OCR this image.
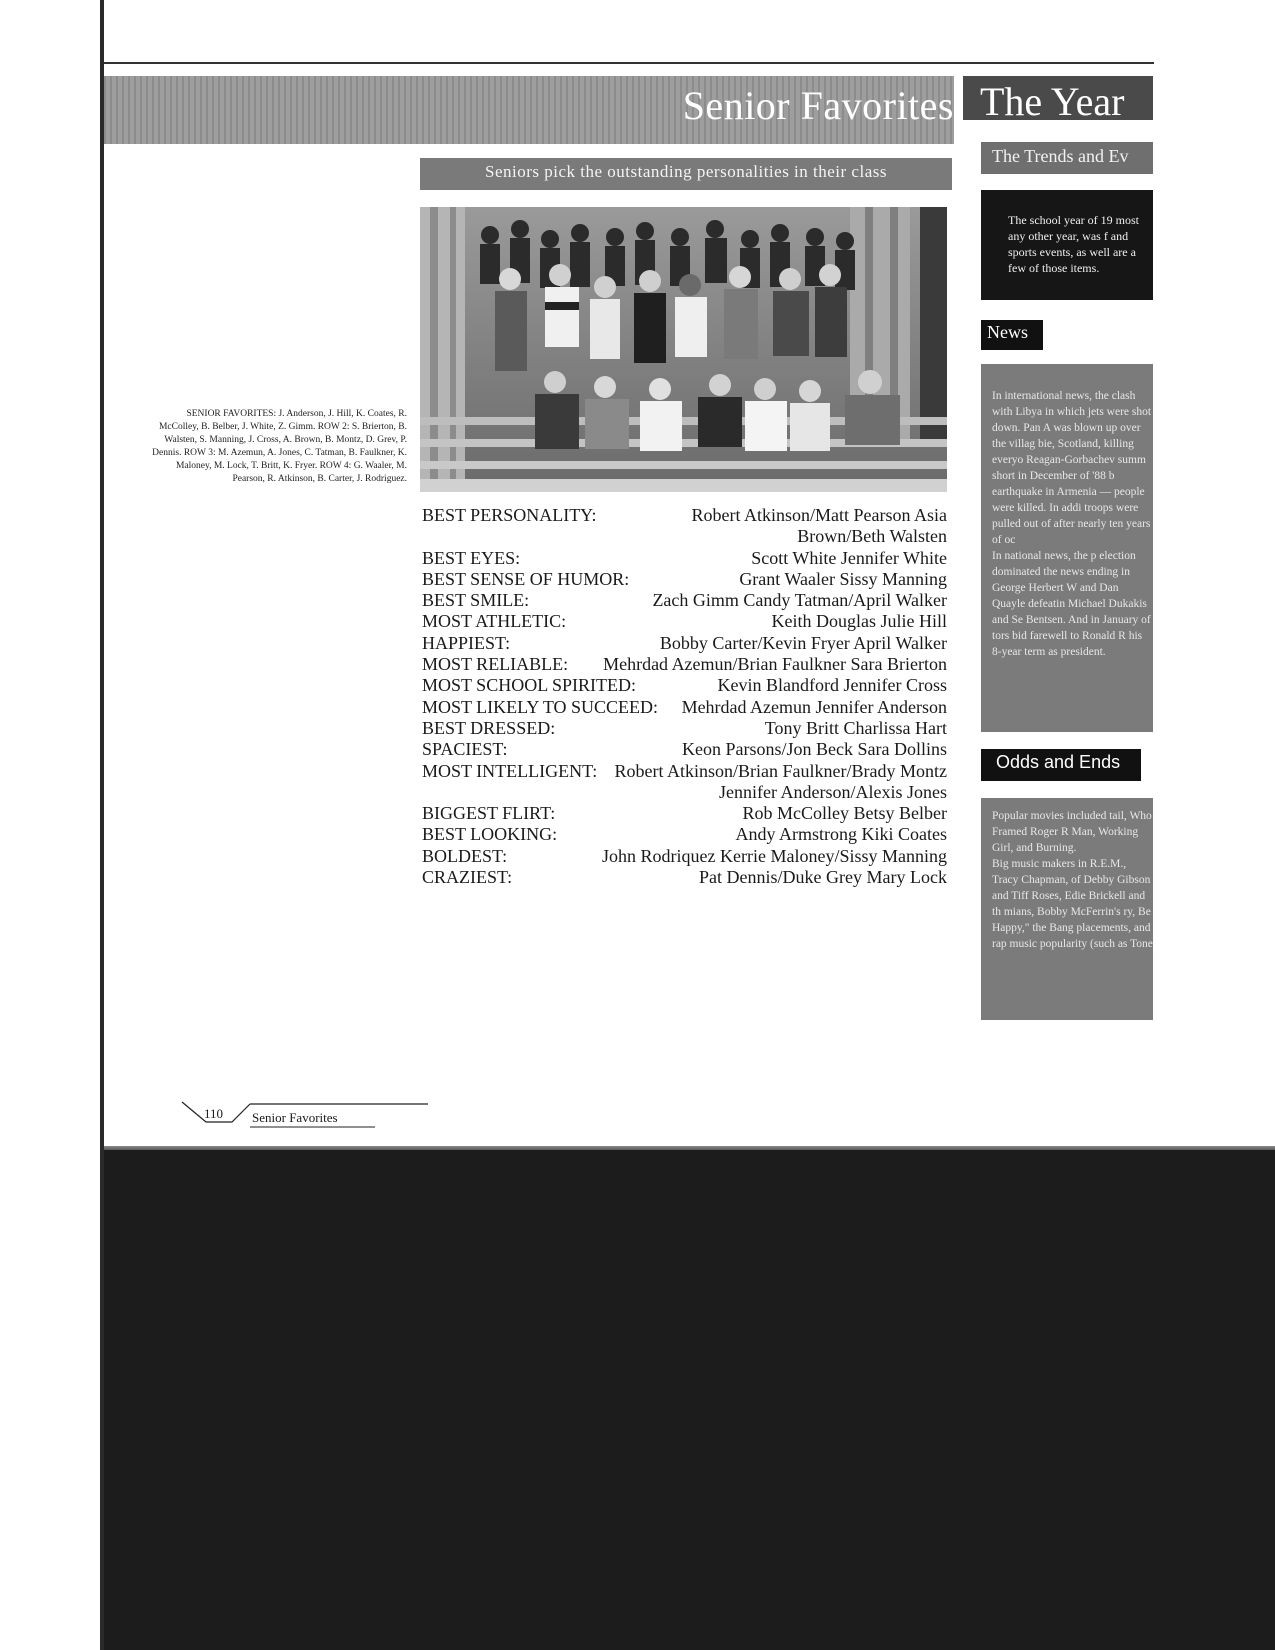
Senior Favorites The Year
Seniors pick the outstanding personalities in their class
The Trends and Ev
The school year of 19 most any other year, was f and sports events, as well are a few of those items.
SENIOR FAVORITES: J. Anderson, J. Hill, K. Coates, R. McColley, B. Belber, J. White, Z. Gimm. ROW 2: S. Brierton, B. Walsten, S. Manning, J. Cross, A. Brown, B. Montz, D. Grev, P. Dennis. ROW 3: M. Azemun, A. Jones, C. Tatman, B. Faulkner, K. Maloney, M. Lock, T. Britt, K. Fryer. ROW 4: G. Waaler, M. Pearson, R. Atkinson, B. Carter, J. Rodriguez.
BEST PERSONALITY:	Robert Atkinson/Matt Pearson Asia Brown/Beth Walsten
BEST EYES:	Scott White Jennifer White
BEST SENSE OF HUMOR:	Grant Waaler Sissy Manning
BEST SMILE:	Zach Gimm Candy Tatman/April Walker
MOST ATHLETIC:	Keith Douglas Julie Hill
HAPPIEST:	Bobby Carter/Kevin Fryer April Walker
MOST RELIABLE:	Mehrdad Azemun/Brian Faulkner Sara Brierton
MOST SCHOOL SPIRITED:	Kevin Blandford Jennifer Cross
MOST LIKELY TO SUCCEED:	Mehrdad Azemun Jennifer Anderson
BEST DRESSED:	Tony Britt Charlissa Hart
SPACIEST:	Keon Parsons/Jon Beck Sara Dollins
MOST INTELLIGENT: Robert Atkinson/Brian Faulkner/Brady Montz Jennifer Anderson/Alexis Jones
BIGGEST FLIRT:	Rob McColley Betsy Belber
BEST LOOKING:	Andy Armstrong Kiki Coates
BOLDEST:	John Rodriquez Kerrie Maloney/Sissy Manning
CRAZIEST:	Pat Dennis/Duke Grey Mary Lock
News
In international news, the clash with Libya in which jets were shot down. Pan A was blown up over the villag bie, Scotland, killing everyo Reagan-Gorbachev summ short in December of '88 b earthquake in Armenia — people were killed. In addi troops were pulled out of after nearly ten years of oc
In national news, the p election dominated the news ending in George Herbert W and Dan Quayle defeatin Michael Dukakis and Se Bentsen. And in January of tors bid farewell to Ronald R his 8-year term as president.
Odds and Ends
Popular movies included tail, Who Framed Roger R Man, Working Girl, and Burning.
Big music makers in R.E.M., Tracy Chapman, of Debby Gibson and Tiff Roses, Edie Brickell and th mians, Bobby McFerrin's ry, Be Happy," the Bang placements, and rap music popularity (such as Tone
110 Senior Favorites
